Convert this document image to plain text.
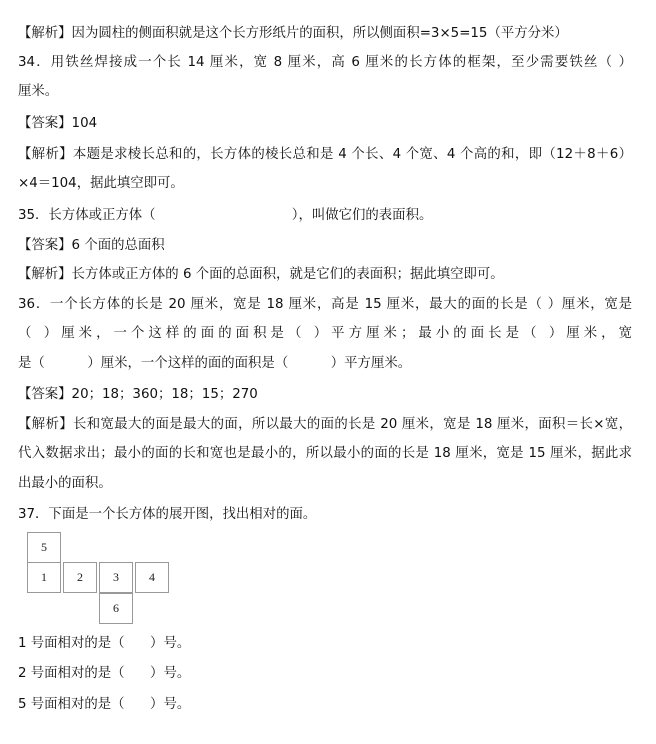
【解析】因为圆柱的侧面积就是这个长方形纸片的面积，所以侧面积=3×5=15（平方分米）
34．用铁丝焊接成一个长 14 厘米，宽 8 厘米，高 6 厘米的长方体的框架，至少需要铁丝（ ）
厘米。
【答案】104
【解析】本题是求棱长总和的，长方体的棱长总和是 4 个长、4 个宽、4 个高的和，即（12＋8＋6）
×4＝104，据此填空即可。
35．长方体或正方体（                                ），叫做它们的表面积。
【答案】6 个面的总面积
【解析】长方体或正方体的 6 个面的总面积，就是它们的表面积；据此填空即可。
36．一个长方体的长是 20 厘米，宽是 18 厘米，高是 15 厘米，最大的面的长是（ ）厘米，宽是
（ ）厘米，一个这样的面的面积是（ ）平方厘米；最小的面长是（ ）厘米，宽
是（          ）厘米，一个这样的面的面积是（          ）平方厘米。
【答案】20；18；360；18；15；270
【解析】长和宽最大的面是最大的面，所以最大的面的长是 20 厘米，宽是 18 厘米，面积＝长×宽，
代入数据求出；最小的面的长和宽也是最小的，所以最小的面的长是 18 厘米，宽是 15 厘米，据此求
出最小的面积。
37．下面是一个长方体的展开图，找出相对的面。
5
1	2	3	4
6
1 号面相对的是（      ）号。
2 号面相对的是（      ）号。
5 号面相对的是（      ）号。
